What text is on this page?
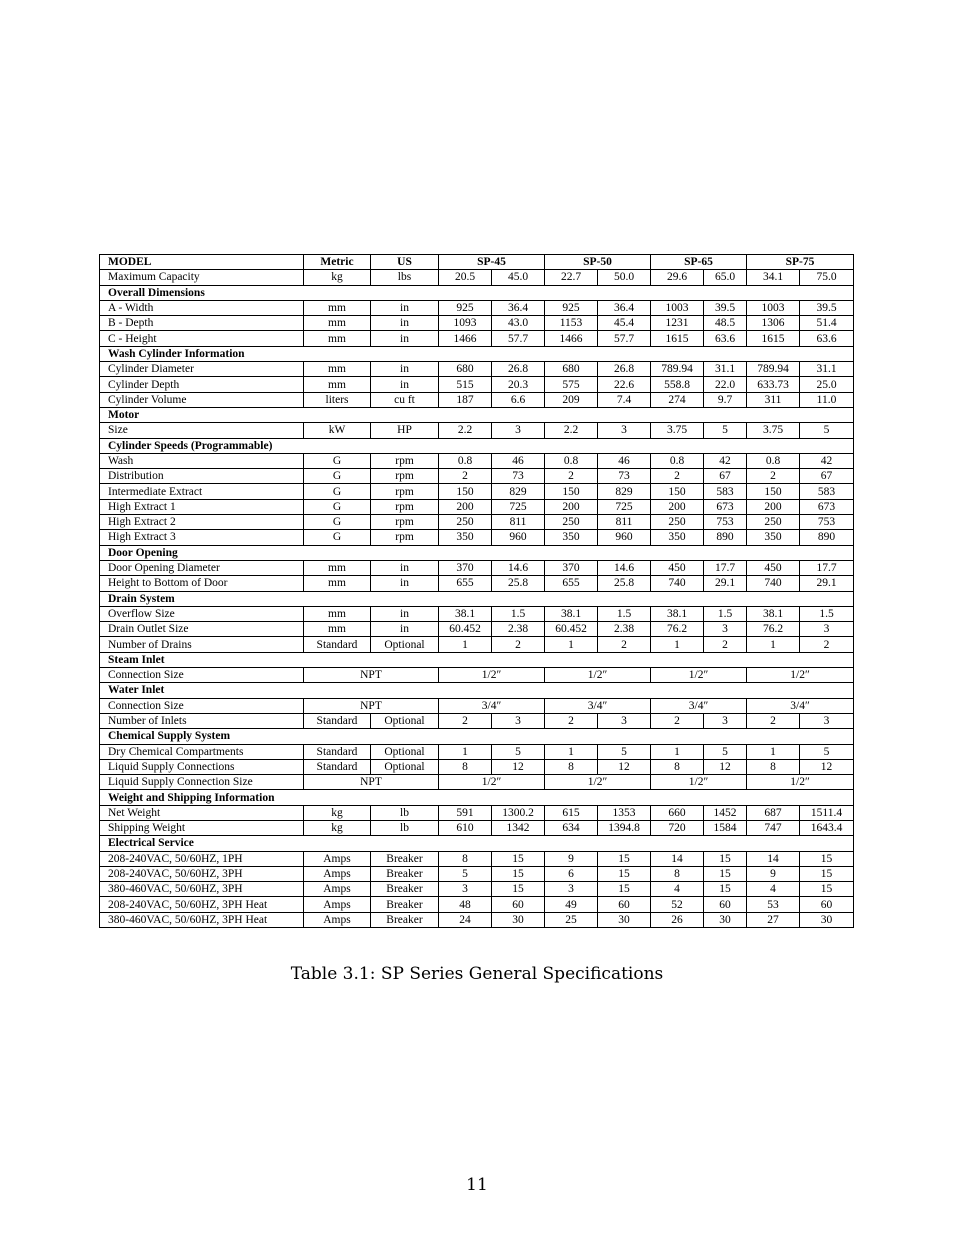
MODEL	Metric	US	SP-45		SP-50		SP-65		SP-75	
Maximum Capacity	kg	lbs	20.5	45.0	22.7	50.0	29.6	65.0	34.1	75.0
Overall Dimensions										
A - Width	mm	in	925	36.4	925	36.4	1003	39.5	1003	39.5
B - Depth	mm	in	1093	43.0	1153	45.4	1231	48.5	1306	51.4
C - Height	mm	in	1466	57.7	1466	57.7	1615	63.6	1615	63.6
Wash Cylinder Information										
Cylinder Diameter	mm	in	680	26.8	680	26.8	789.94	31.1	789.94	31.1
Cylinder Depth	mm	in	515	20.3	575	22.6	558.8	22.0	633.73	25.0
Cylinder Volume	liters	cu ft	187	6.6	209	7.4	274	9.7	311	11.0
Motor										
Size	kW	HP	2.2	3	2.2	3	3.75	5	3.75	5
Cylinder Speeds (Programmable)										
Wash	G	rpm	0.8	46	0.8	46	0.8	42	0.8	42
Distribution	G	rpm	2	73	2	73	2	67	2	67
Intermediate Extract	G	rpm	150	829	150	829	150	583	150	583
High Extract 1	G	rpm	200	725	200	725	200	673	200	673
High Extract 2	G	rpm	250	811	250	811	250	753	250	753
High Extract 3	G	rpm	350	960	350	960	350	890	350	890
Door Opening										
Door Opening Diameter	mm	in	370	14.6	370	14.6	450	17.7	450	17.7
Height to Bottom of Door	mm	in	655	25.8	655	25.8	740	29.1	740	29.1
Drain System										
Overflow Size	mm	in	38.1	1.5	38.1	1.5	38.1	1.5	38.1	1.5
Drain Outlet Size	mm	in	60.452	2.38	60.452	2.38	76.2	3	76.2	3
Number of Drains	Standard	Optional	1	2	1	2	1	2	1	2
Steam Inlet										
Connection Size	NPT		1/2″		1/2″		1/2″		1/2″	
Water Inlet										
Connection Size	NPT		3/4″		3/4″		3/4″		3/4″	
Number of Inlets	Standard	Optional	2	3	2	3	2	3	2	3
Chemical Supply System										
Dry Chemical Compartments	Standard	Optional	1	5	1	5	1	5	1	5
Liquid Supply Connections	Standard	Optional	8	12	8	12	8	12	8	12
Liquid Supply Connection Size	NPT		1/2″		1/2″		1/2″		1/2″	
Weight and Shipping Information										
Net Weight	kg	lb	591	1300.2	615	1353	660	1452	687	1511.4
Shipping Weight	kg	lb	610	1342	634	1394.8	720	1584	747	1643.4
Electrical Service										
208-240VAC, 50/60HZ, 1PH	Amps	Breaker	8	15	9	15	14	15	14	15
208-240VAC, 50/60HZ, 3PH	Amps	Breaker	5	15	6	15	8	15	9	15
380-460VAC, 50/60HZ, 3PH	Amps	Breaker	3	15	3	15	4	15	4	15
208-240VAC, 50/60HZ, 3PH Heat	Amps	Breaker	48	60	49	60	52	60	53	60
380-460VAC, 50/60HZ, 3PH Heat	Amps	Breaker	24	30	25	30	26	30	27	30
Table 3.1: SP Series General Specifications
11
